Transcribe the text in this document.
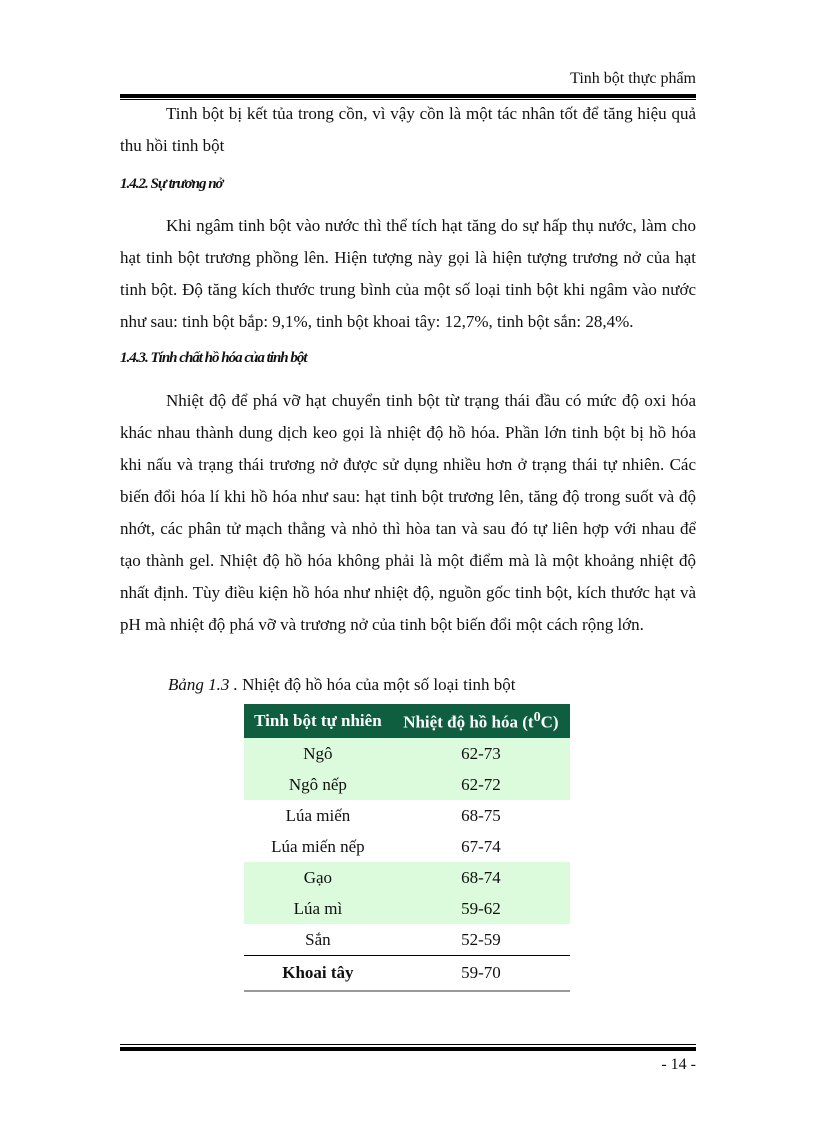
Tinh bột thực phẩm

Tinh bột bị kết tủa trong cồn, vì vậy cồn là một tác nhân tốt để tăng hiệu quả thu hồi tinh bột

1.4.2. Sự trương nở

Khi ngâm tinh bột vào nước thì thể tích hạt tăng do sự hấp thụ nước, làm cho hạt tinh bột trương phồng lên. Hiện tượng này gọi là hiện tượng trương nở của hạt tinh bột. Độ tăng kích thước trung bình của một số loại tinh bột khi ngâm vào nước như sau: tinh bột bắp: 9,1%, tinh bột khoai tây: 12,7%, tinh bột sắn: 28,4%.

1.4.3. Tính chất hồ hóa của tinh bột

Nhiệt độ để phá vỡ hạt chuyển tinh bột từ trạng thái đầu có mức độ oxi hóa khác nhau thành dung dịch keo gọi là nhiệt độ hồ hóa. Phần lớn tinh bột bị hồ hóa khi nấu và trạng thái trương nở được sử dụng nhiều hơn ở trạng thái tự nhiên. Các biến đổi hóa lí khi hồ hóa như sau: hạt tinh bột trương lên, tăng độ trong suốt và độ nhớt, các phân tử mạch thẳng và nhỏ thì hòa tan và sau đó tự liên hợp với nhau để tạo thành gel. Nhiệt độ hồ hóa không phải là một điểm mà là một khoảng nhiệt độ nhất định. Tùy điều kiện hồ hóa như nhiệt độ, nguồn gốc tinh bột, kích thước hạt và pH mà nhiệt độ phá vỡ và trương nở của tinh bột biến đổi một cách rộng lớn.

Bảng 1.3 . Nhiệt độ hồ hóa của một số loại tinh bột
Tinh bột tự nhiên	Nhiệt độ hồ hóa $(t^0C)$
Ngô	62-73
Ngô nếp	62-72
Lúa miến	68-75
Lúa miến nếp	67-74
Gạo	68-74
Lúa mì	59-62
Sắn	52-59
Khoai tây	59-70
- 14 -
